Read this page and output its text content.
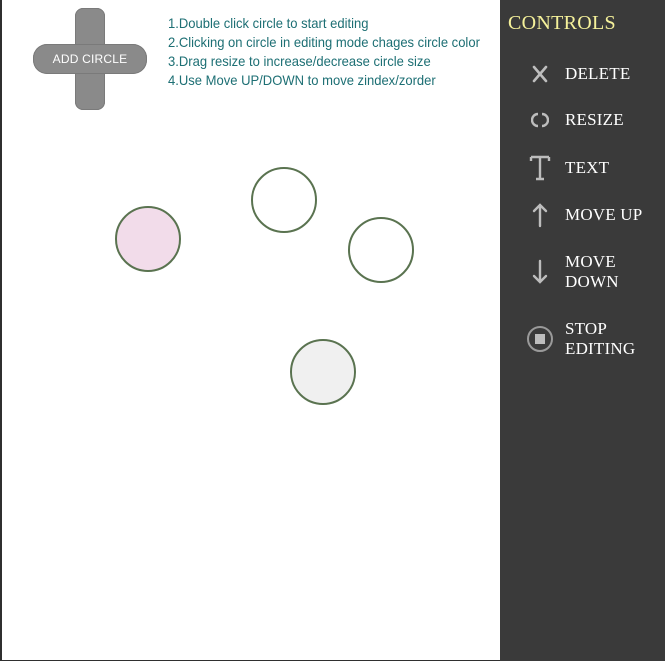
ADD CIRCLE
1.Double click circle to start editing
2.Clicking on circle in editing mode chages circle color
3.Drag resize to increase/decrease circle size
4.Use Move UP/DOWN to move zindex/zorder
CONTROLS
DELETE
RESIZE
TEXT
MOVE UP
MOVE
DOWN
STOP
EDITING
